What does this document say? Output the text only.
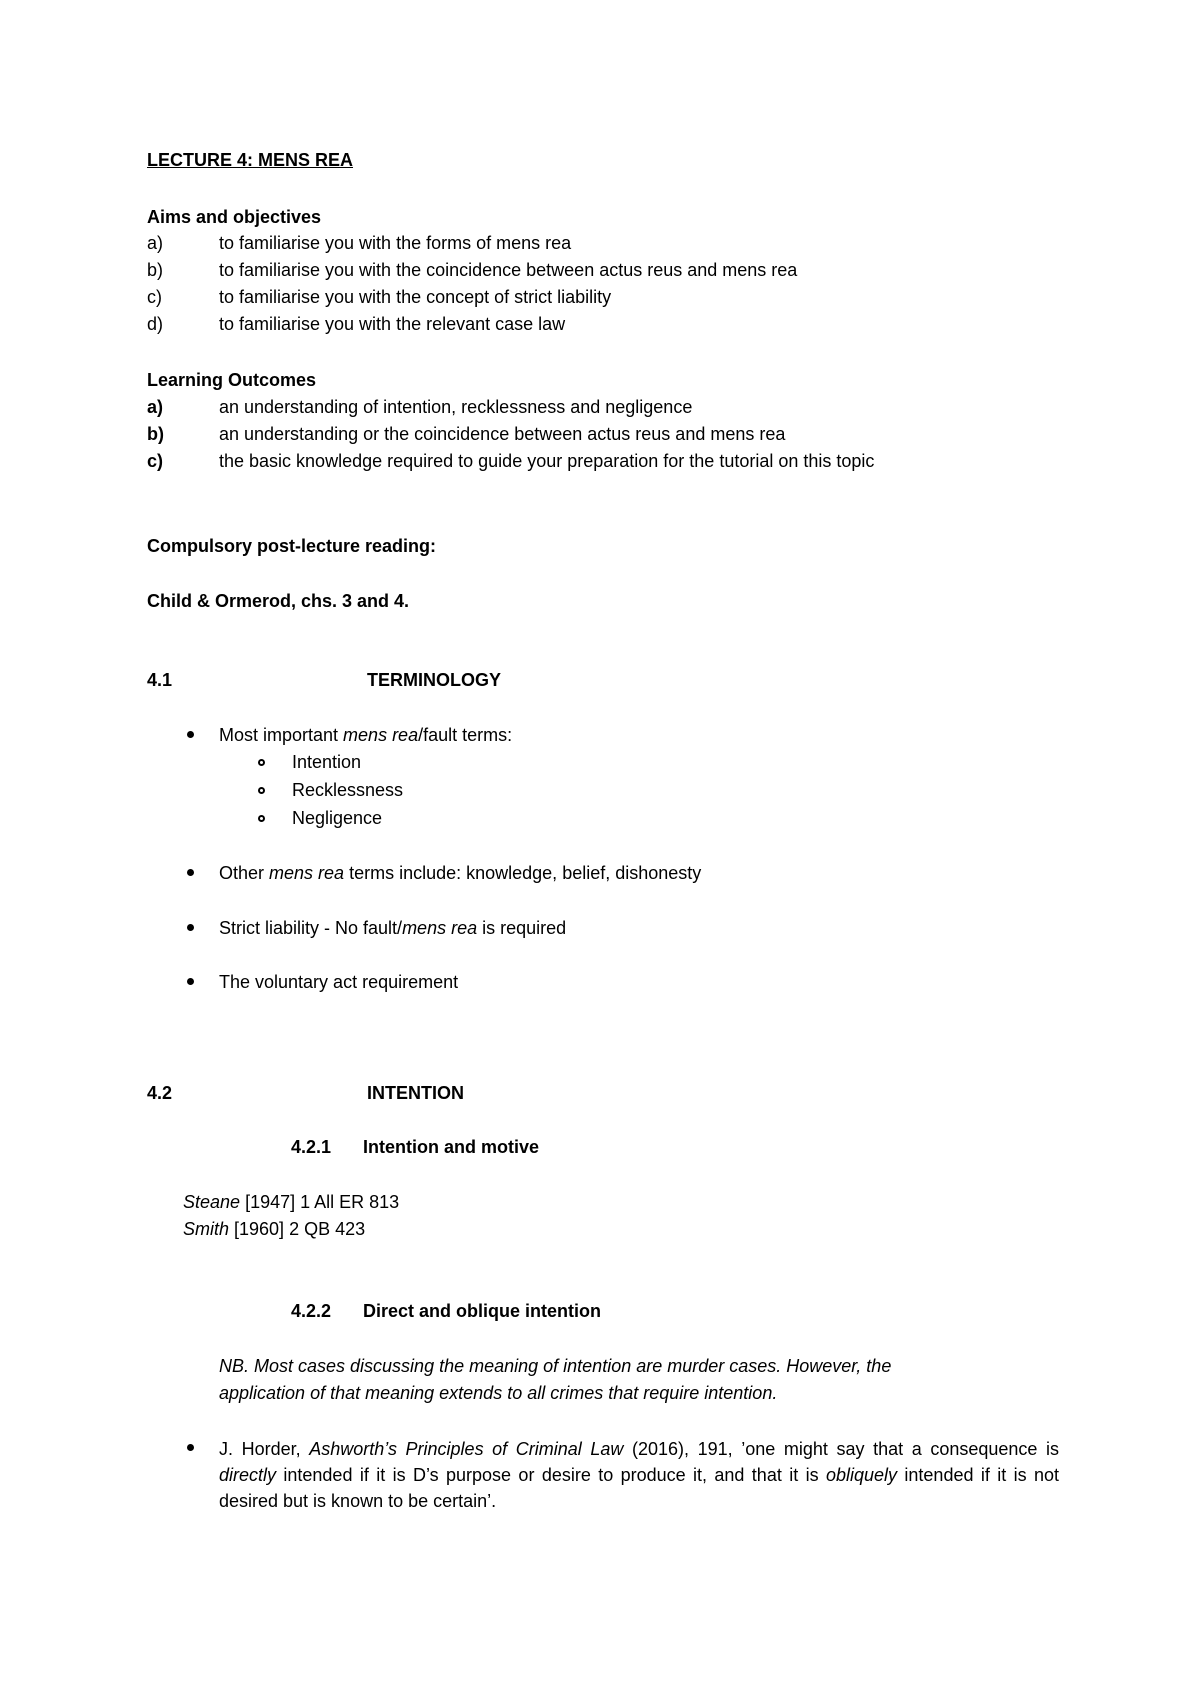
LECTURE 4: MENS REA
Aims and objectives
a)	to familiarise you with the forms of mens rea
b)	to familiarise you with the coincidence between actus reus and mens rea
c)	to familiarise you with the concept of strict liability
d)	to familiarise you with the relevant case law
Learning Outcomes
a)	an understanding of intention, recklessness and negligence
b)	an understanding or the coincidence between actus reus and mens rea
c)	the basic knowledge required to guide your preparation for the tutorial on this topic
Compulsory post-lecture reading:
Child & Ormerod, chs. 3 and 4.
4.1	TERMINOLOGY
Most important mens rea/fault terms:
Intention
Recklessness
Negligence
Other mens rea terms include: knowledge, belief, dishonesty
Strict liability - No fault/mens rea is required
The voluntary act requirement
4.2	INTENTION
4.2.1 Intention and motive
Steane [1947] 1 All ER 813
Smith [1960] 2 QB 423
4.2.2 Direct and oblique intention
NB. Most cases discussing the meaning of intention are murder cases. However, the
application of that meaning extends to all crimes that require intention.
J. Horder, Ashworth’s Principles of Criminal Law (2016), 191, ’one might say that a consequence is directly intended if it is D’s purpose or desire to produce it, and that it is obliquely intended if it is not desired but is known to be certain’.
